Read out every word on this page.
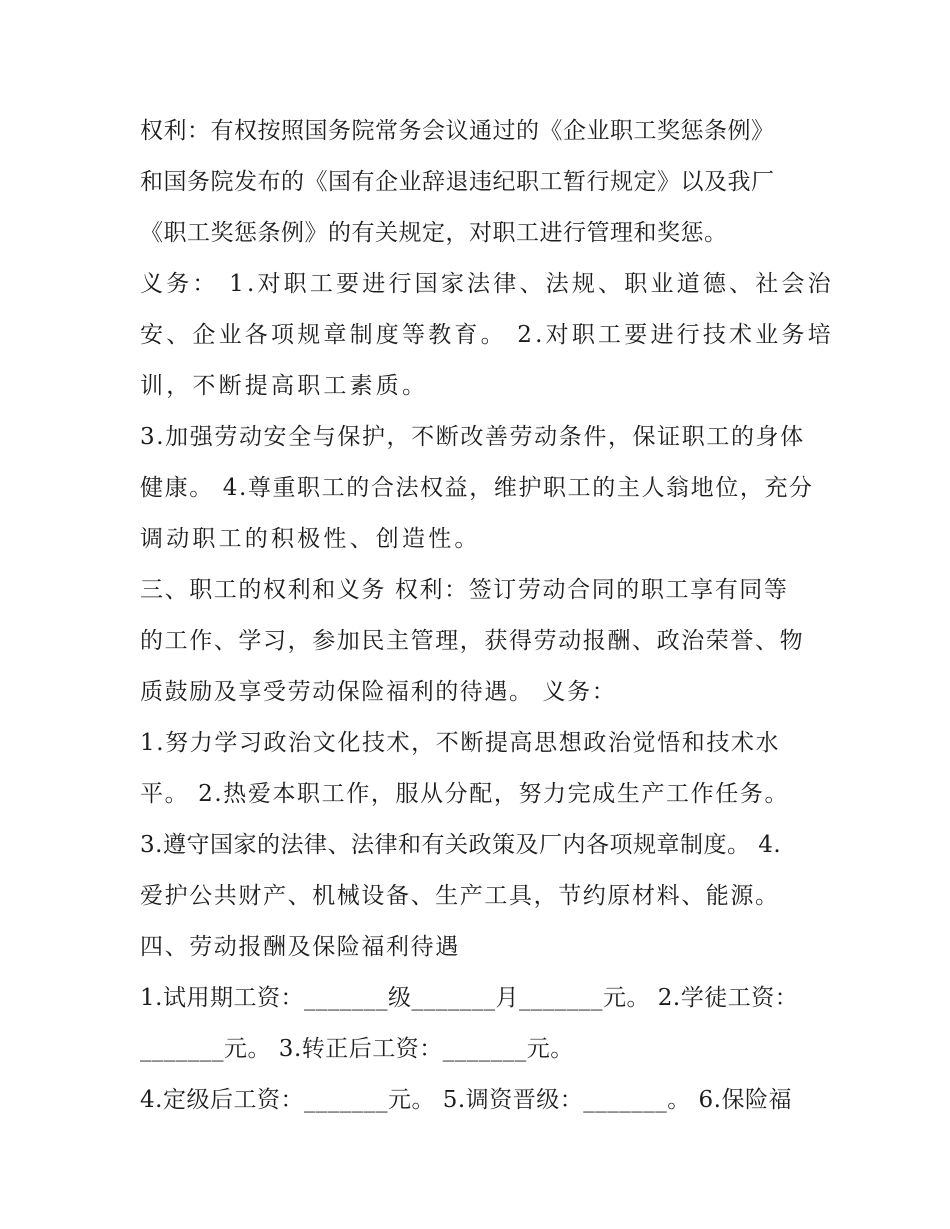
权利：有权按照国务院常务会议通过的《企业职工奖惩条例》
和国务院发布的《国有企业辞退违纪职工暂行规定》以及我厂
《职工奖惩条例》的有关规定，对职工进行管理和奖惩。
义务： 1.对职工要进行国家法律、法规、职业道德、社会治
安、企业各项规章制度等教育。 2.对职工要进行技术业务培
训，不断提高职工素质。
3.加强劳动安全与保护，不断改善劳动条件，保证职工的身体
健康。 4.尊重职工的合法权益，维护职工的主人翁地位，充分
调动职工的积极性、创造性。
三、职工的权利和义务 权利：签订劳动合同的职工享有同等
的工作、学习，参加民主管理，获得劳动报酬、政治荣誉、物
质鼓励及享受劳动保险福利的待遇。 义务：
1.努力学习政治文化技术，不断提高思想政治觉悟和技术水
平。 2.热爱本职工作，服从分配，努力完成生产工作任务。
3.遵守国家的法律、法律和有关政策及厂内各项规章制度。 4.
爱护公共财产、机械设备、生产工具，节约原材料、能源。
四、劳动报酬及保险福利待遇
1.试用期工资：_______级_______月_______元。 2.学徒工资：
_______元。 3.转正后工资：_______元。
4.定级后工资：_______元。 5.调资晋级：_______。 6.保险福
